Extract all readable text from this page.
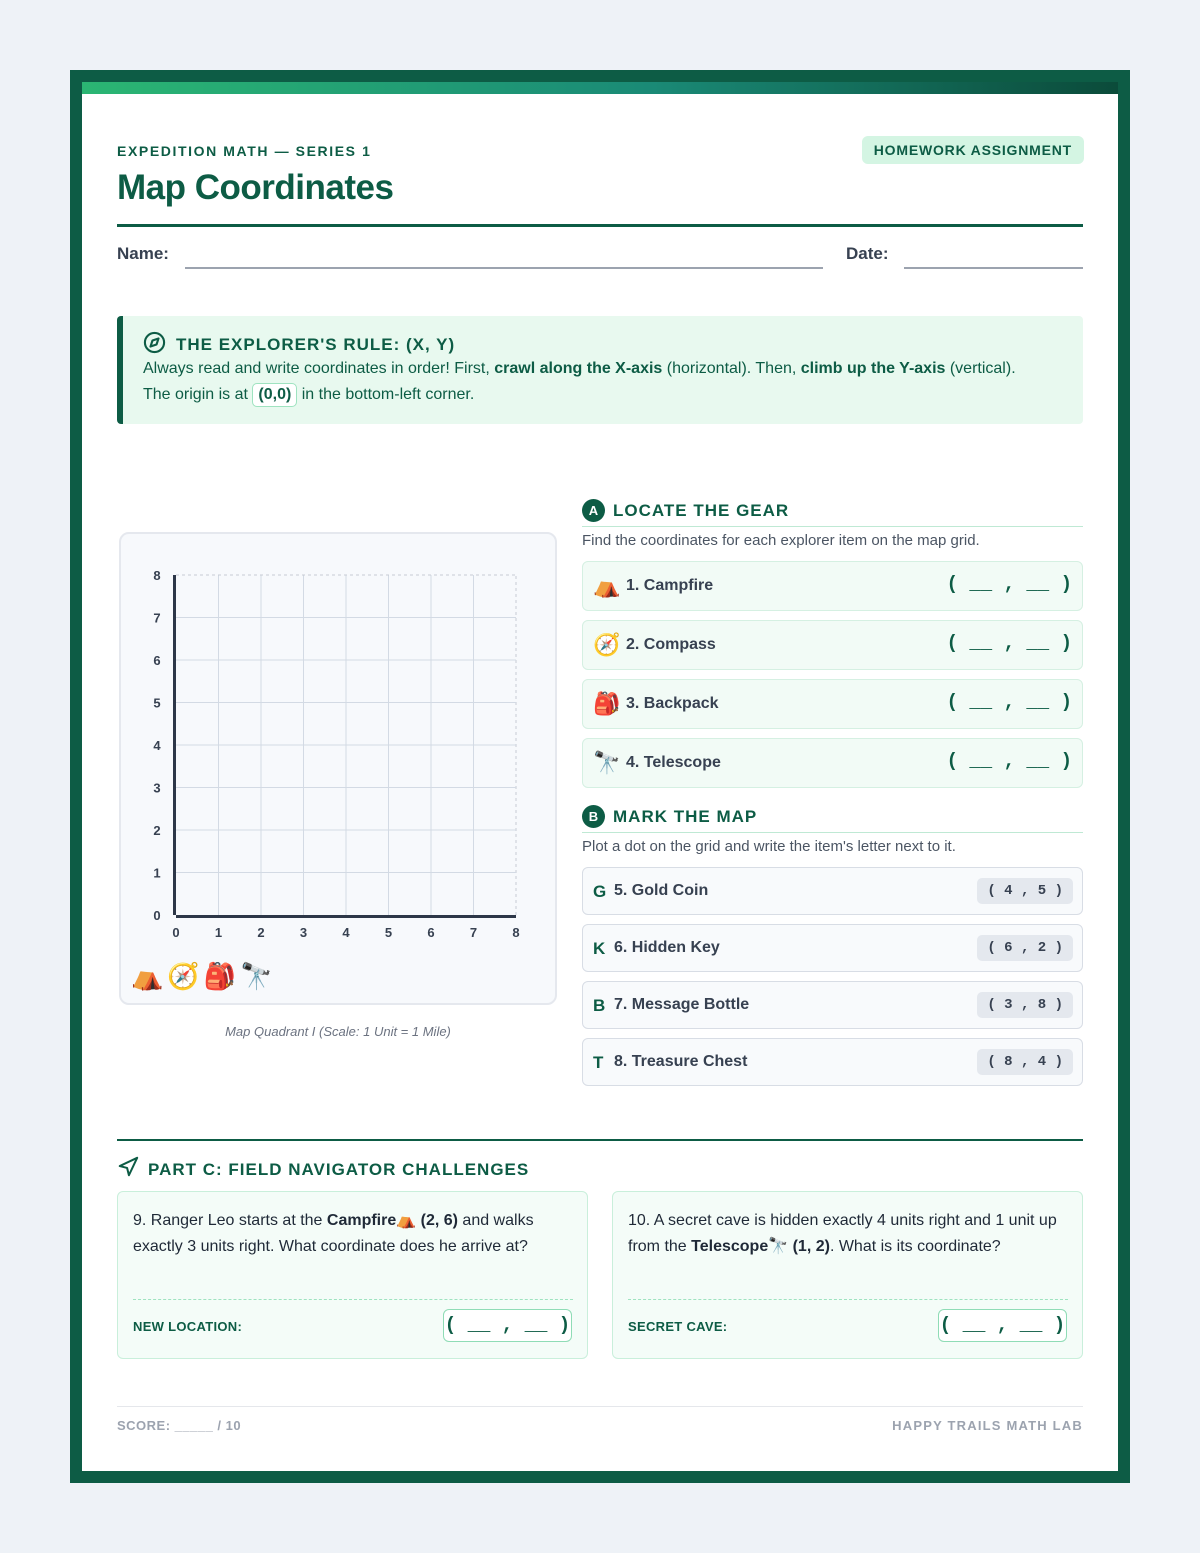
EXPEDITION MATH — SERIES 1	HOMEWORK ASSIGNMENT
Map Coordinates
Name:	Date:
THE EXPLORER'S RULE: (X, Y)
Always read and write coordinates in order! First, crawl along the X-axis (horizontal). Then, climb up the Y-axis (vertical). The origin is at (0,0) in the bottom-left corner.
0	1	2	3	4	5	6	7	8
0
1
2
3
4
5
6
7
8
⛺ 🧭 🎒 🔭
Map Quadrant I (Scale: 1 Unit = 1 Mile)
A LOCATE THE GEAR
Find the coordinates for each explorer item on the map grid.
⛺ 1. Campfire	( __ , __ )
🧭 2. Compass	( __ , __ )
🎒 3. Backpack	( __ , __ )
🔭 4. Telescope	( __ , __ )
B MARK THE MAP
Plot a dot on the grid and write the item's letter next to it.
G 5. Gold Coin	( 4 , 5 )
K 6. Hidden Key	( 6 , 2 )
B 7. Message Bottle	( 3 , 8 )
T 8. Treasure Chest	( 8 , 4 )
PART C: FIELD NAVIGATOR CHALLENGES
9. Ranger Leo starts at the Campfire⛺ (2, 6) and walks exactly 3 units right. What coordinate does he arrive at?
NEW LOCATION:	( __ , __ )
10. A secret cave is hidden exactly 4 units right and 1 unit up from the Telescope🔭 (1, 2). What is its coordinate?
SECRET CAVE:	( __ , __ )
SCORE: _____ / 10	HAPPY TRAILS MATH LAB
